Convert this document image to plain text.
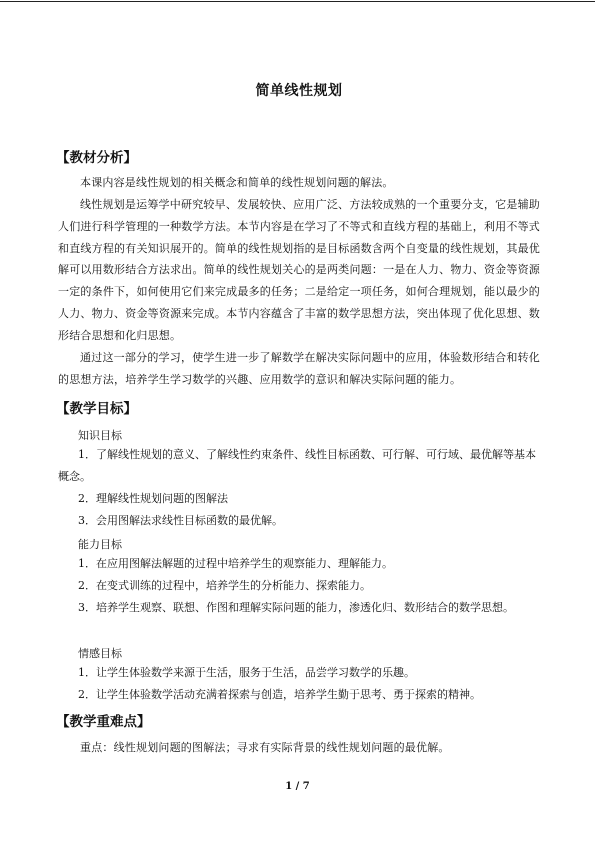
简单线性规划
【教材分析】
本课内容是线性规划的相关概念和简单的线性规划问题的解法。
线性规划是运筹学中研究较早、发展较快、应用广泛、方法较成熟的一个重要分支，它是辅助人们进行科学管理的一种数学方法。本节内容是在学习了不等式和直线方程的基础上，利用不等式和直线方程的有关知识展开的。简单的线性规划指的是目标函数含两个自变量的线性规划，其最优解可以用数形结合方法求出。简单的线性规划关心的是两类问题：一是在人力、物力、资金等资源一定的条件下，如何使用它们来完成最多的任务；二是给定一项任务，如何合理规划，能以最少的人力、物力、资金等资源来完成。本节内容蕴含了丰富的数学思想方法，突出体现了优化思想、数形结合思想和化归思想。
通过这一部分的学习，使学生进一步了解数学在解决实际问题中的应用，体验数形结合和转化的思想方法，培养学生学习数学的兴趣、应用数学的意识和解决实际问题的能力。
【教学目标】
知识目标
1．了解线性规划的意义、了解线性约束条件、线性目标函数、可行解、可行域、最优解等基本概念。
2．理解线性规划问题的图解法
3．会用图解法求线性目标函数的最优解。
能力目标
1．在应用图解法解题的过程中培养学生的观察能力、理解能力。
2．在变式训练的过程中，培养学生的分析能力、探索能力。
3．培养学生观察、联想、作图和理解实际问题的能力，渗透化归、数形结合的数学思想。
情感目标
1．让学生体验数学来源于生活，服务于生活，品尝学习数学的乐趣。
2．让学生体验数学活动充满着探索与创造，培养学生勤于思考、勇于探索的精神。
【教学重难点】
重点：线性规划问题的图解法；寻求有实际背景的线性规划问题的最优解。
1 / 7
